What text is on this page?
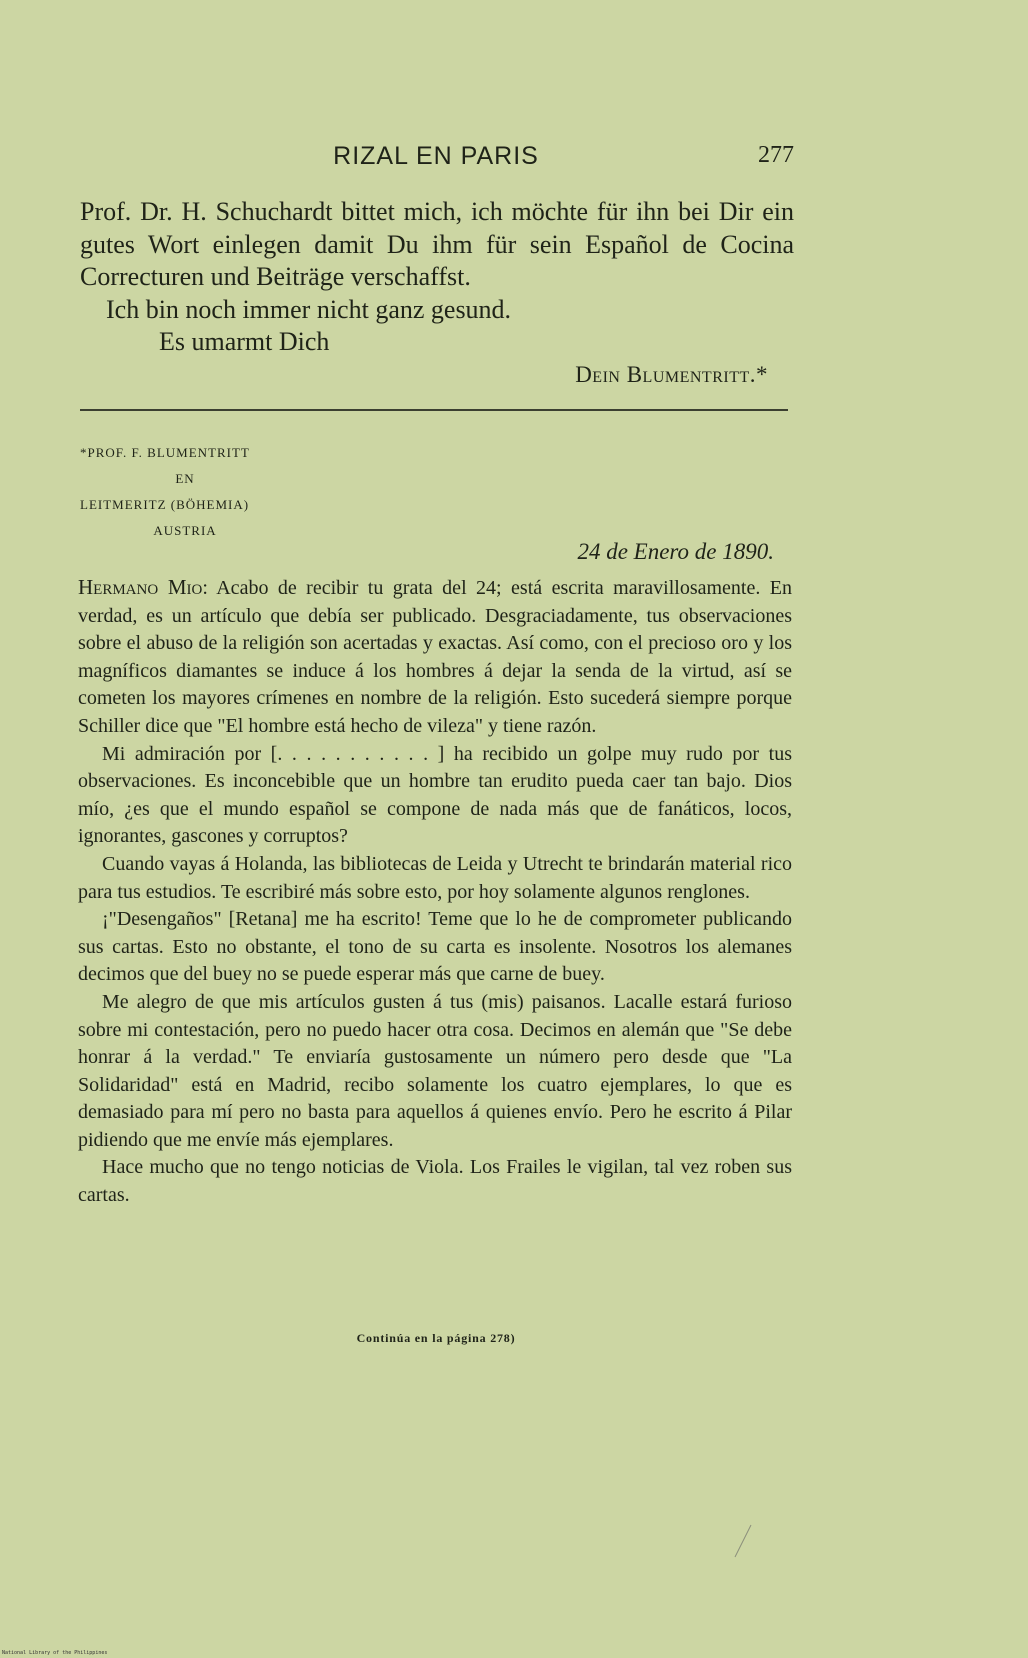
RIZAL EN PARIS	277

Prof. Dr. H. Schuchardt bittet mich, ich möchte für ihn bei Dir ein gutes Wort einlegen damit Du ihm für sein Español de Cocina Correcturen und Beiträge verschaffst.

Ich bin noch immer nicht ganz gesund.

Es umarmt Dich

Dein Blumentritt.*

*PROF. F. BLUMENTRITT
EN
LEITMERITZ (BÖHEMIA)
AUSTRIA
24 de Enero de 1890.

Hermano Mio: Acabo de recibir tu grata del 24; está escrita maravillosamente. En verdad, es un artículo que debía ser publicado. Desgraciadamente, tus observaciones sobre el abuso de la religión son acertadas y exactas. Así como, con el precioso oro y los magníficos diamantes se induce á los hombres á dejar la senda de la virtud, así se cometen los mayores crímenes en nombre de la religión. Esto sucederá siempre porque Schiller dice que "El hombre está hecho de vileza" y tiene razón.

Mi admiración por [. . . . . . . . . . . ] ha recibido un golpe muy rudo por tus observaciones. Es inconcebible que un hombre tan erudito pueda caer tan bajo. Dios mío, ¿es que el mundo español se compone de nada más que de fanáticos, locos, ignorantes, gascones y corruptos?

Cuando vayas á Holanda, las bibliotecas de Leida y Utrecht te brindarán material rico para tus estudios. Te escribiré más sobre esto, por hoy solamente algunos renglones.

¡"Desengaños" [Retana] me ha escrito! Teme que lo he de comprometer publicando sus cartas. Esto no obstante, el tono de su carta es insolente. Nosotros los alemanes decimos que del buey no se puede esperar más que carne de buey.

Me alegro de que mis artículos gusten á tus (mis) paisanos. Lacalle estará furioso sobre mi contestación, pero no puedo hacer otra cosa. Decimos en alemán que "Se debe honrar á la verdad." Te enviaría gustosamente un número pero desde que "La Solidaridad" está en Madrid, recibo solamente los cuatro ejemplares, lo que es demasiado para mí pero no basta para aquellos á quienes envío. Pero he escrito á Pilar pidiendo que me envíe más ejemplares.

Hace mucho que no tengo noticias de Viola. Los Frailes le vigilan, tal vez roben sus cartas.

Continúa en la página 278)
National Library of the Philippines
